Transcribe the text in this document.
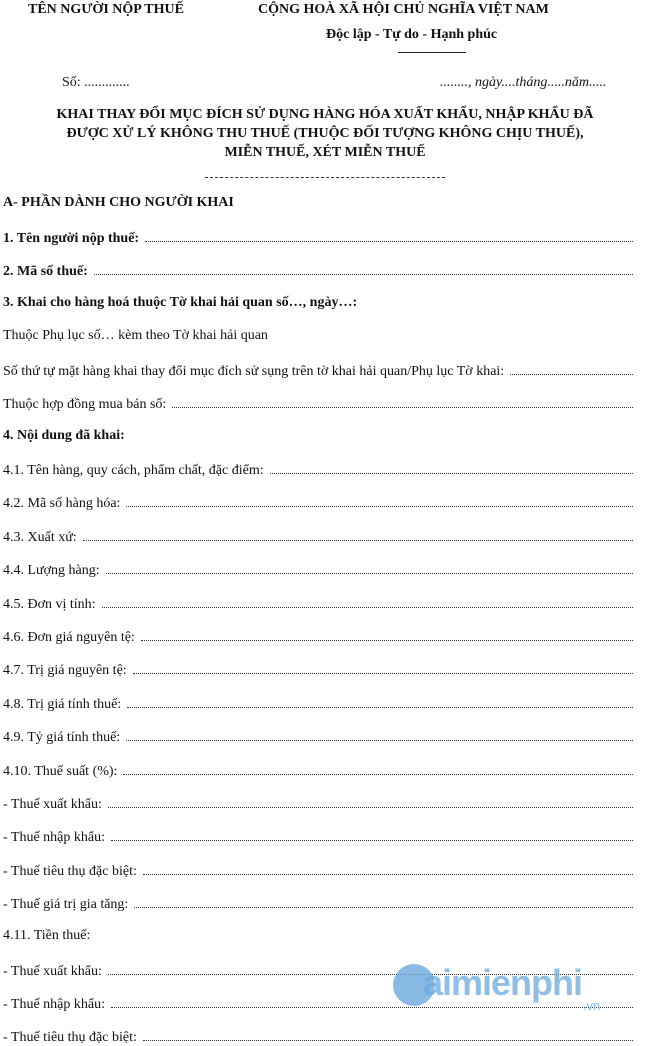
TÊN NGƯỜI NỘP THUẾ	CỘNG HOÀ XÃ HỘI CHỦ NGHĨA VIỆT NAM
Độc lập - Tự do - Hạnh phúc
Số: .............	........, ngày....tháng.....năm.....
KHAI THAY ĐỔI MỤC ĐÍCH SỬ DỤNG HÀNG HÓA XUẤT KHẨU, NHẬP KHẨU ĐÃ
ĐƯỢC XỬ LÝ KHÔNG THU THUẾ (THUỘC ĐỐI TƯỢNG KHÔNG CHỊU THUẾ),
MIỄN THUẾ, XÉT MIỄN THUẾ
A- PHẦN DÀNH CHO NGƯỜI KHAI
1. Tên người nộp thuế:
2. Mã số thuế:
3. Khai cho hàng hoá thuộc Tờ khai hải quan số…, ngày…:
Thuộc Phụ lục số… kèm theo Tờ khai hải quan
Số thứ tự mặt hàng khai thay đổi mục đích sử sụng trên tờ khai hải quan/Phụ lục Tờ khai:
Thuộc hợp đồng mua bán số:
4. Nội dung đã khai:
4.1. Tên hàng, quy cách, phẩm chất, đặc điểm:
4.2. Mã số hàng hóa:
4.3. Xuất xứ:
4.4. Lượng hàng:
4.5. Đơn vị tính:
4.6. Đơn giá nguyên tệ:
4.7. Trị giá nguyên tệ:
4.8. Trị giá tính thuế:
4.9. Tỷ giá tính thuế:
4.10. Thuế suất (%):
- Thuế xuất khẩu:
- Thuế nhập khẩu:
- Thuế tiêu thụ đặc biệt:
- Thuế giá trị gia tăng:
4.11. Tiền thuế:
- Thuế xuất khẩu:
- Thuế nhập khẩu:
- Thuế tiêu thụ đặc biệt:
aimienphi
.vn
